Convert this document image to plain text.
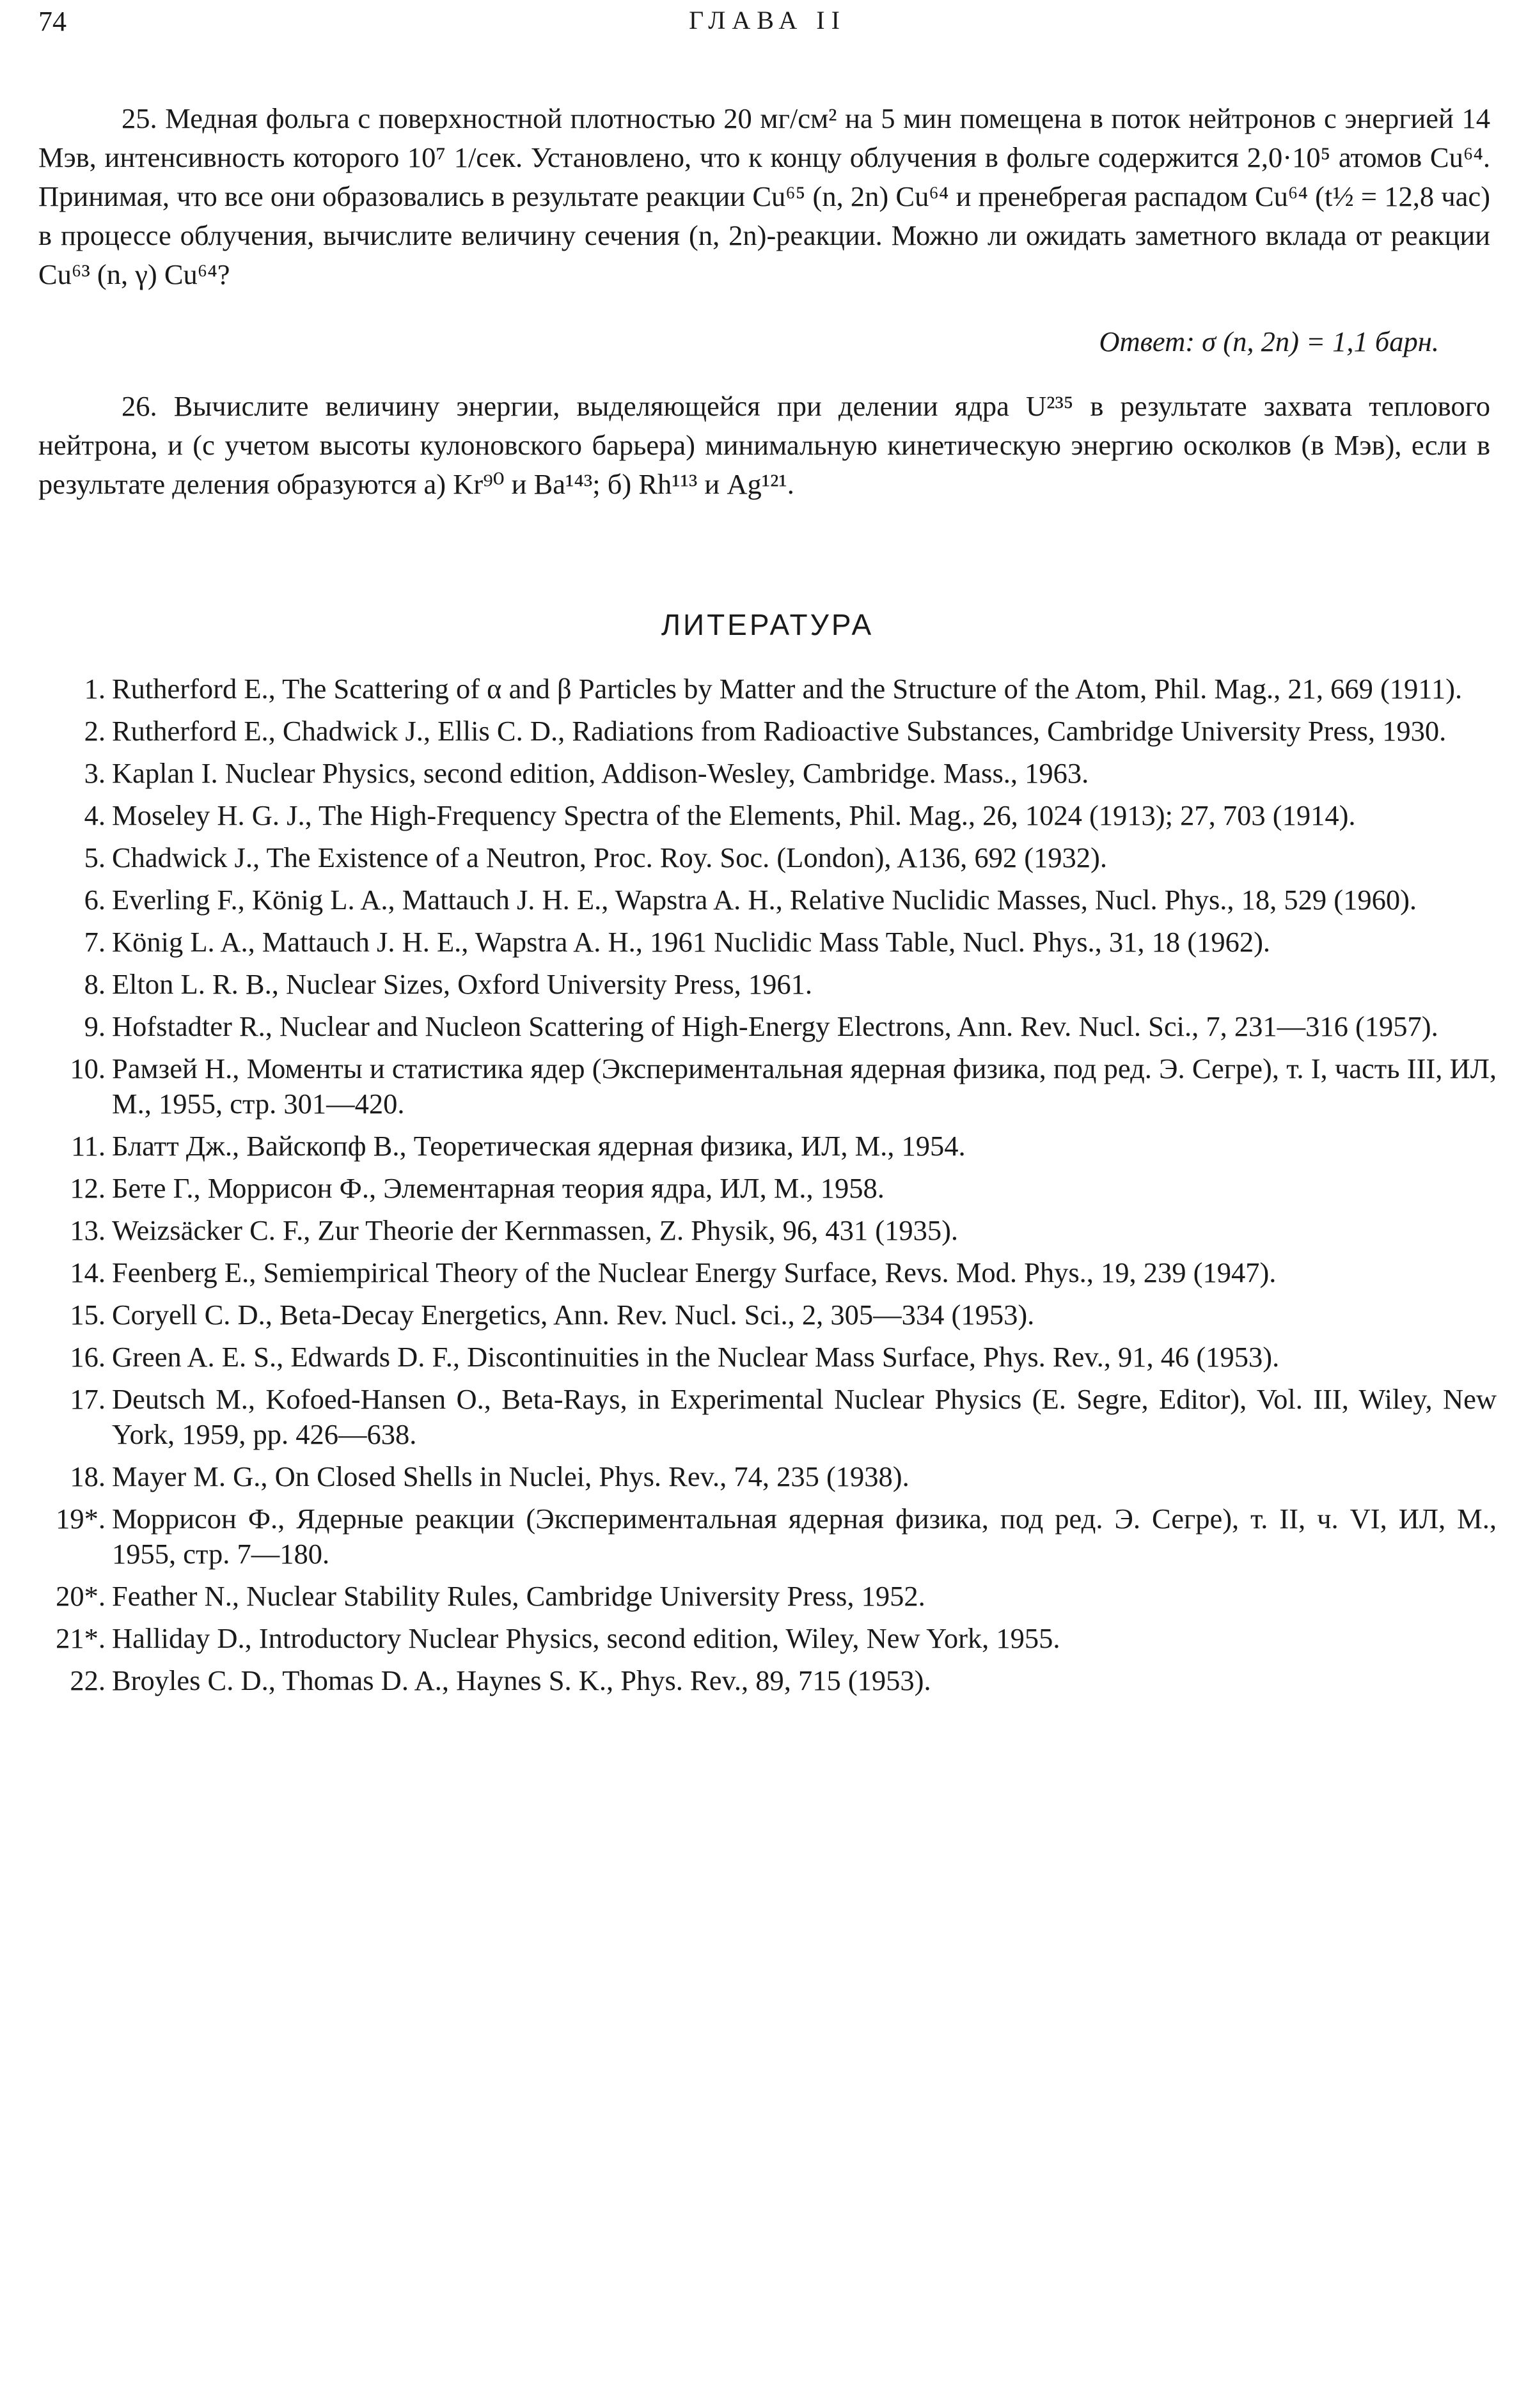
74	ГЛАВА II

25. Медная фольга с поверхностной плотностью 20 мг/см² на 5 мин помещена в поток нейтронов с энергией 14 Мэв, интенсивность которого 10⁷ 1/сек. Установлено, что к концу облучения в фольге содержится 2,0·10⁵ атомов Cu⁶⁴. Принимая, что все они образовались в результате реакции Cu⁶⁵ (n, 2n) Cu⁶⁴ и пренебрегая распадом Cu⁶⁴ (t½ = 12,8 час) в процессе облучения, вычислите величину сечения (n, 2n)-реакции. Можно ли ожидать заметного вклада от реакции Cu⁶³ (n, γ) Cu⁶⁴?

Ответ: σ (n, 2n) = 1,1 барн.

26. Вычислите величину энергии, выделяющейся при делении ядра U²³⁵ в результате захвата теплового нейтрона, и (с учетом высоты кулоновского барьера) минимальную кинетическую энергию осколков (в Мэв), если в результате деления образуются а) Kr⁹⁰ и Ba¹⁴³; б) Rh¹¹³ и Ag¹²¹.

ЛИТЕРАТУРА
1. Rutherford E., The Scattering of α and β Particles by Matter and the Structure of the Atom, Phil. Mag., 21, 669 (1911).
2. Rutherford E., Chadwick J., Ellis C. D., Radiations from Radioactive Substances, Cambridge University Press, 1930.
3. Kaplan I. Nuclear Physics, second edition, Addison-Wesley, Cambridge. Mass., 1963.
4. Moseley H. G. J., The High-Frequency Spectra of the Elements, Phil. Mag., 26, 1024 (1913); 27, 703 (1914).
5. Chadwick J., The Existence of a Neutron, Proc. Roy. Soc. (London), A136, 692 (1932).
6. Everling F., König L. A., Mattauch J. H. E., Wapstra A. H., Relative Nuclidic Masses, Nucl. Phys., 18, 529 (1960).
7. König L. A., Mattauch J. H. E., Wapstra A. H., 1961 Nuclidic Mass Table, Nucl. Phys., 31, 18 (1962).
8. Elton L. R. B., Nuclear Sizes, Oxford University Press, 1961.
9. Hofstadter R., Nuclear and Nucleon Scattering of High-Energy Electrons, Ann. Rev. Nucl. Sci., 7, 231—316 (1957).
10. Рамзей Н., Моменты и статистика ядер (Экспериментальная ядерная физика, под ред. Э. Сегре), т. I, часть III, ИЛ, М., 1955, стр. 301—420.
11. Блатт Дж., Вайскопф В., Теоретическая ядерная физика, ИЛ, М., 1954.
12. Бете Г., Моррисон Ф., Элементарная теория ядра, ИЛ, М., 1958.
13. Weizsäcker C. F., Zur Theorie der Kernmassen, Z. Physik, 96, 431 (1935).
14. Feenberg E., Semiempirical Theory of the Nuclear Energy Surface, Revs. Mod. Phys., 19, 239 (1947).
15. Coryell C. D., Beta-Decay Energetics, Ann. Rev. Nucl. Sci., 2, 305—334 (1953).
16. Green A. E. S., Edwards D. F., Discontinuities in the Nuclear Mass Surface, Phys. Rev., 91, 46 (1953).
17. Deutsch M., Kofoed-Hansen O., Beta-Rays, in Experimental Nuclear Physics (E. Segre, Editor), Vol. III, Wiley, New York, 1959, pp. 426—638.
18. Mayer M. G., On Closed Shells in Nuclei, Phys. Rev., 74, 235 (1938).
19*. Моррисон Ф., Ядерные реакции (Экспериментальная ядерная физика, под ред. Э. Сегре), т. II, ч. VI, ИЛ, М., 1955, стр. 7—180.
20*. Feather N., Nuclear Stability Rules, Cambridge University Press, 1952.
21*. Halliday D., Introductory Nuclear Physics, second edition, Wiley, New York, 1955.
22. Broyles C. D., Thomas D. A., Haynes S. K., Phys. Rev., 89, 715 (1953).
